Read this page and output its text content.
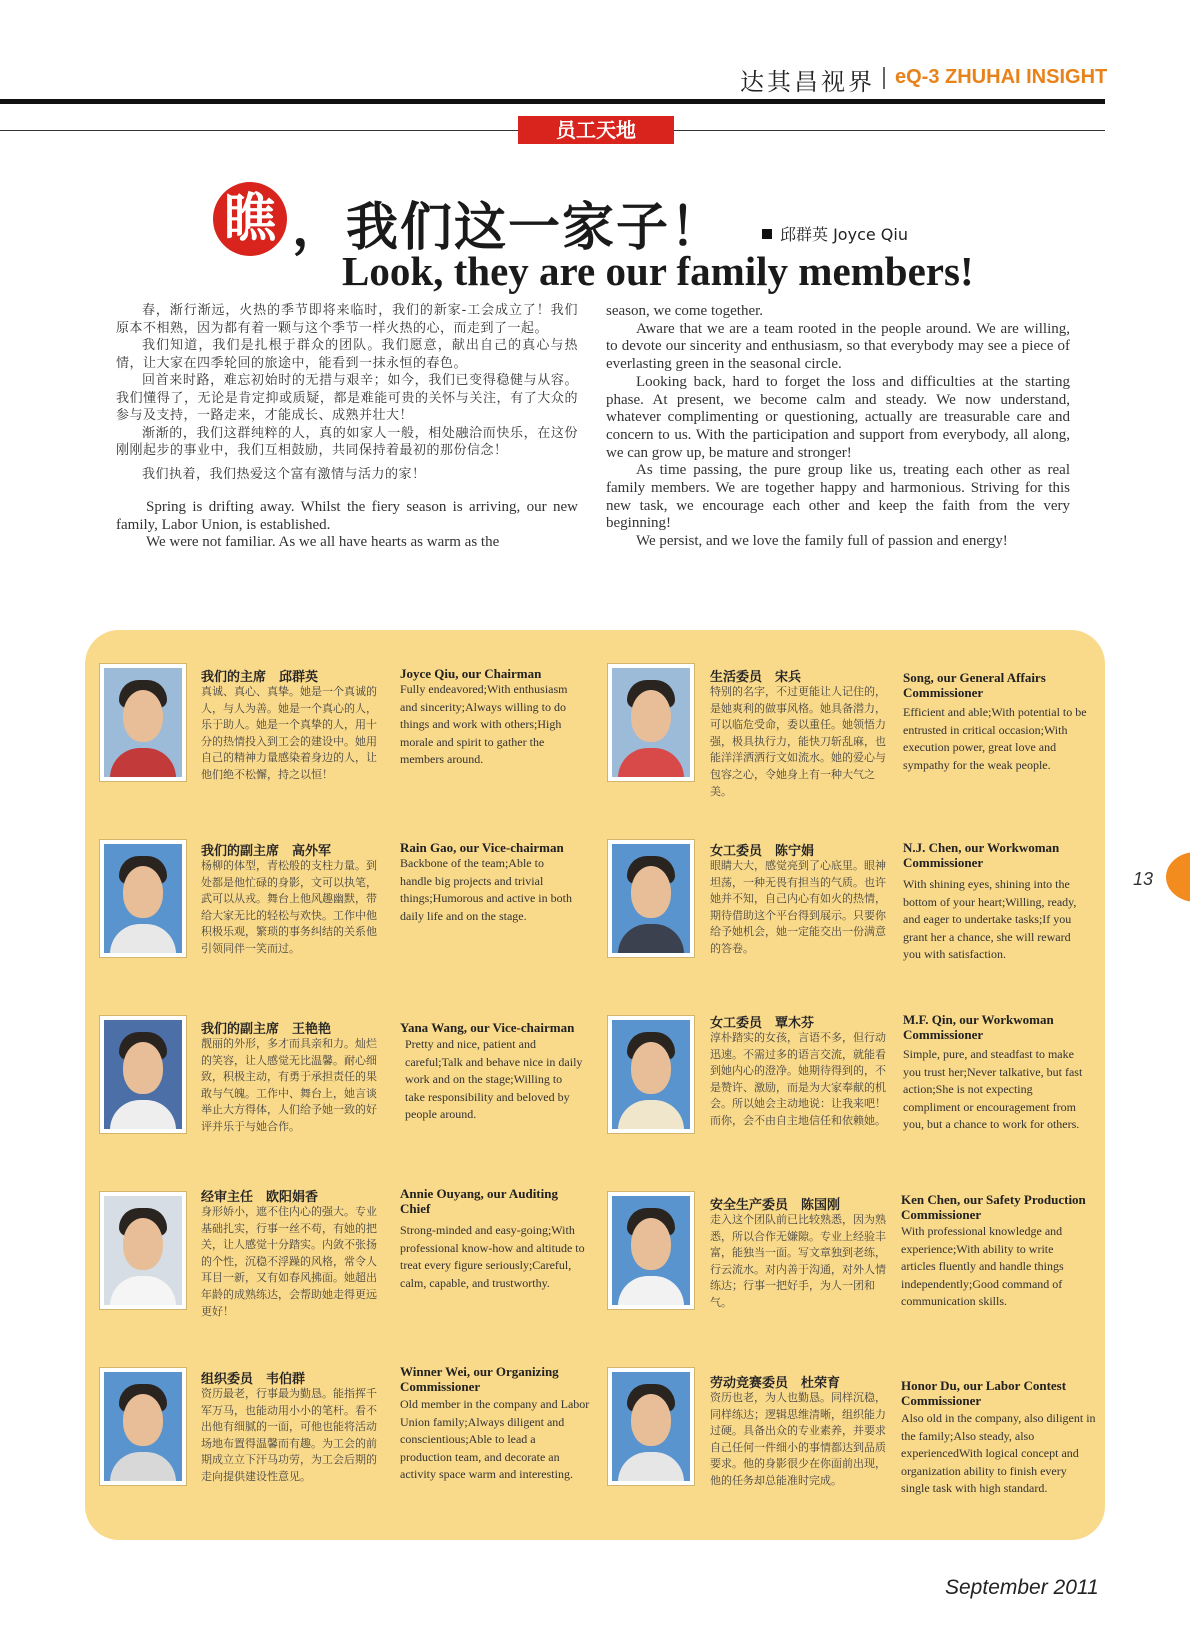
达其昌视界 eQ-3 ZHUHAI INSIGHT
员工天地
瞧 ，我们这一家子！	邱群英 Joyce Qiu
Look, they are our family members!

春，渐行渐远，火热的季节即将来临时，我们的新家-工会成立了！我们原本不相熟，因为都有着一颗与这个季节一样火热的心，而走到了一起。

我们知道，我们是扎根于群众的团队。我们愿意，献出自己的真心与热情，让大家在四季轮回的旅途中，能看到一抹永恒的春色。

回首来时路，难忘初始时的无措与艰辛；如今，我们已变得稳健与从容。我们懂得了，无论是肯定抑或质疑，都是难能可贵的关怀与关注，有了大众的参与及支持，一路走来，才能成长、成熟并壮大！

渐渐的，我们这群纯粹的人，真的如家人一般，相处融洽而快乐，在这份刚刚起步的事业中，我们互相鼓励，共同保持着最初的那份信念！

我们执着，我们热爱这个富有激情与活力的家！

Spring is drifting away. Whilst the fiery season is arriving, our new family, Labor Union, is established.

We were not familiar. As we all have hearts as warm as the

season, we come together.

Aware that we are a team rooted in the people around. We are willing, to devote our sincerity and enthusiasm, so that everybody may see a piece of everlasting green in the seasonal circle.

Looking back, hard to forget the loss and difficulties at the starting phase. At present, we become calm and steady. We now understand, whatever complimenting or questioning, actually are treasurable care and concern to us. With the participation and support from everybody, all along, we can grow up, be mature and stronger!

As time passing, the pure group like us, treating each other as real family members. We are together happy and harmonious. Striving for this new task, we encourage each other and keep the faith from the very beginning!

We persist, and we love the family full of passion and energy!

我们的主席　邱群英
真诚、真心、真挚。她是一个真诚的人，与人为善。她是一个真心的人，乐于助人。她是一个真挚的人，用十分的热情投入到工会的建设中。她用自己的精神力量感染着身边的人，让他们绝不松懈，持之以恒！
Joyce Qiu, our Chairman
Fully endeavored;With enthusiasm and sincerity;Always willing to do things and work with others;High morale and spirit to gather the members around.
生活委员　宋兵
特别的名字，不过更能让人记住的，是她爽利的做事风格。她具备潜力，可以临危受命，委以重任。她领悟力强，极具执行力，能快刀斩乱麻，也能洋洋洒洒行文如流水。她的爱心与包容之心，令她身上有一种大气之美。
Song, our General Affairs Commissioner
Efficient and able;With potential to be entrusted in critical occasion;With execution power, great love and sympathy for the weak people.
我们的副主席　高外军
杨柳的体型，青松般的支柱力量。到处都是他忙碌的身影，文可以执笔，武可以从戎。舞台上他风趣幽默，带给大家无比的轻松与欢快。工作中他积极乐观，繁琐的事务纠结的关系他引领同伴一笑而过。
Rain Gao, our Vice-chairman
Backbone of the team;Able to handle big projects and trivial things;Humorous and active in both daily life and on the stage.
女工委员　陈宁娟
眼睛大大，感觉亮到了心底里。眼神坦荡，一种无畏有担当的气质。也许她并不知，自己内心有如火的热情，期待借助这个平台得到展示。只要你给予她机会，她一定能交出一份满意的答卷。
N.J. Chen, our Workwoman Commissioner
With shining eyes, shining into the bottom of your heart;Willing, ready, and eager to undertake tasks;If you grant her a chance, she will reward you with satisfaction.
我们的副主席　王艳艳
靓丽的外形，多才而具亲和力。灿烂的笑容，让人感觉无比温馨。耐心细致，积极主动，有勇于承担责任的果敢与气魄。工作中、舞台上，她言谈举止大方得体，人们给予她一致的好评并乐于与她合作。
Yana Wang, our Vice-chairman
Pretty and nice, patient and careful;Talk and behave nice in daily work and on the stage;Willing to take responsibility and beloved by people around.
女工委员　覃木芬
淳朴踏实的女孩，言语不多，但行动迅速。不需过多的语言交流，就能看到她内心的澄净。她期待得到的，不是赞许、激励，而是为大家奉献的机会。所以她会主动地说：让我来吧！而你，会不由自主地信任和依赖她。
M.F. Qin, our Workwoman Commissioner
Simple, pure, and steadfast to make you trust her;Never talkative, but fast action;She is not expecting compliment or encouragement from you, but a chance to work for others.
经审主任　欧阳娟香
身形娇小，遮不住内心的强大。专业基础扎实，行事一丝不苟，有她的把关，让人感觉十分踏实。内敛不张扬的个性，沉稳不浮躁的风格，常令人耳目一新，又有如春风拂面。她超出年龄的成熟练达，会帮助她走得更远更好！
Annie Ouyang, our Auditing Chief
Strong-minded and easy-going;With professional know-how and altitude to treat every figure seriously;Careful, calm, capable, and trustworthy.
安全生产委员　陈国刚
走入这个团队前已比较熟悉，因为熟悉，所以合作无嫌隙。专业上经验丰富，能独当一面。写文章独到老练，行云流水。对内善于沟通，对外人情练达；行事一把好手，为人一团和气。
Ken Chen, our Safety Production Commissioner
With professional knowledge and experience;With ability to write articles fluently and handle things independently;Good command of communication skills.
组织委员　韦伯群
资历最老，行事最为勤恳。能指挥千军万马，也能动用小小的笔杆。看不出他有细腻的一面，可他也能将活动场地布置得温馨而有趣。为工会的前期成立立下汗马功劳，为工会后期的走向提供建设性意见。
Winner Wei, our Organizing Commissioner
Old member in the company and Labor Union family;Always diligent and conscientious;Able to lead a production team, and decorate an activity space warm and interesting.
劳动竞赛委员　杜荣育
资历也老，为人也勤恳。同样沉稳，同样练达；逻辑思维清晰，组织能力过硬。具备出众的专业素养，并要求自己任何一件细小的事情都达到品质要求。他的身影很少在你面前出现，他的任务却总能准时完成。
Honor Du, our Labor Contest Commissioner
Also old in the company, also diligent in the family;Also steady, also experiencedWith logical concept and organization ability to finish every single task with high standard.
13
September 2011
